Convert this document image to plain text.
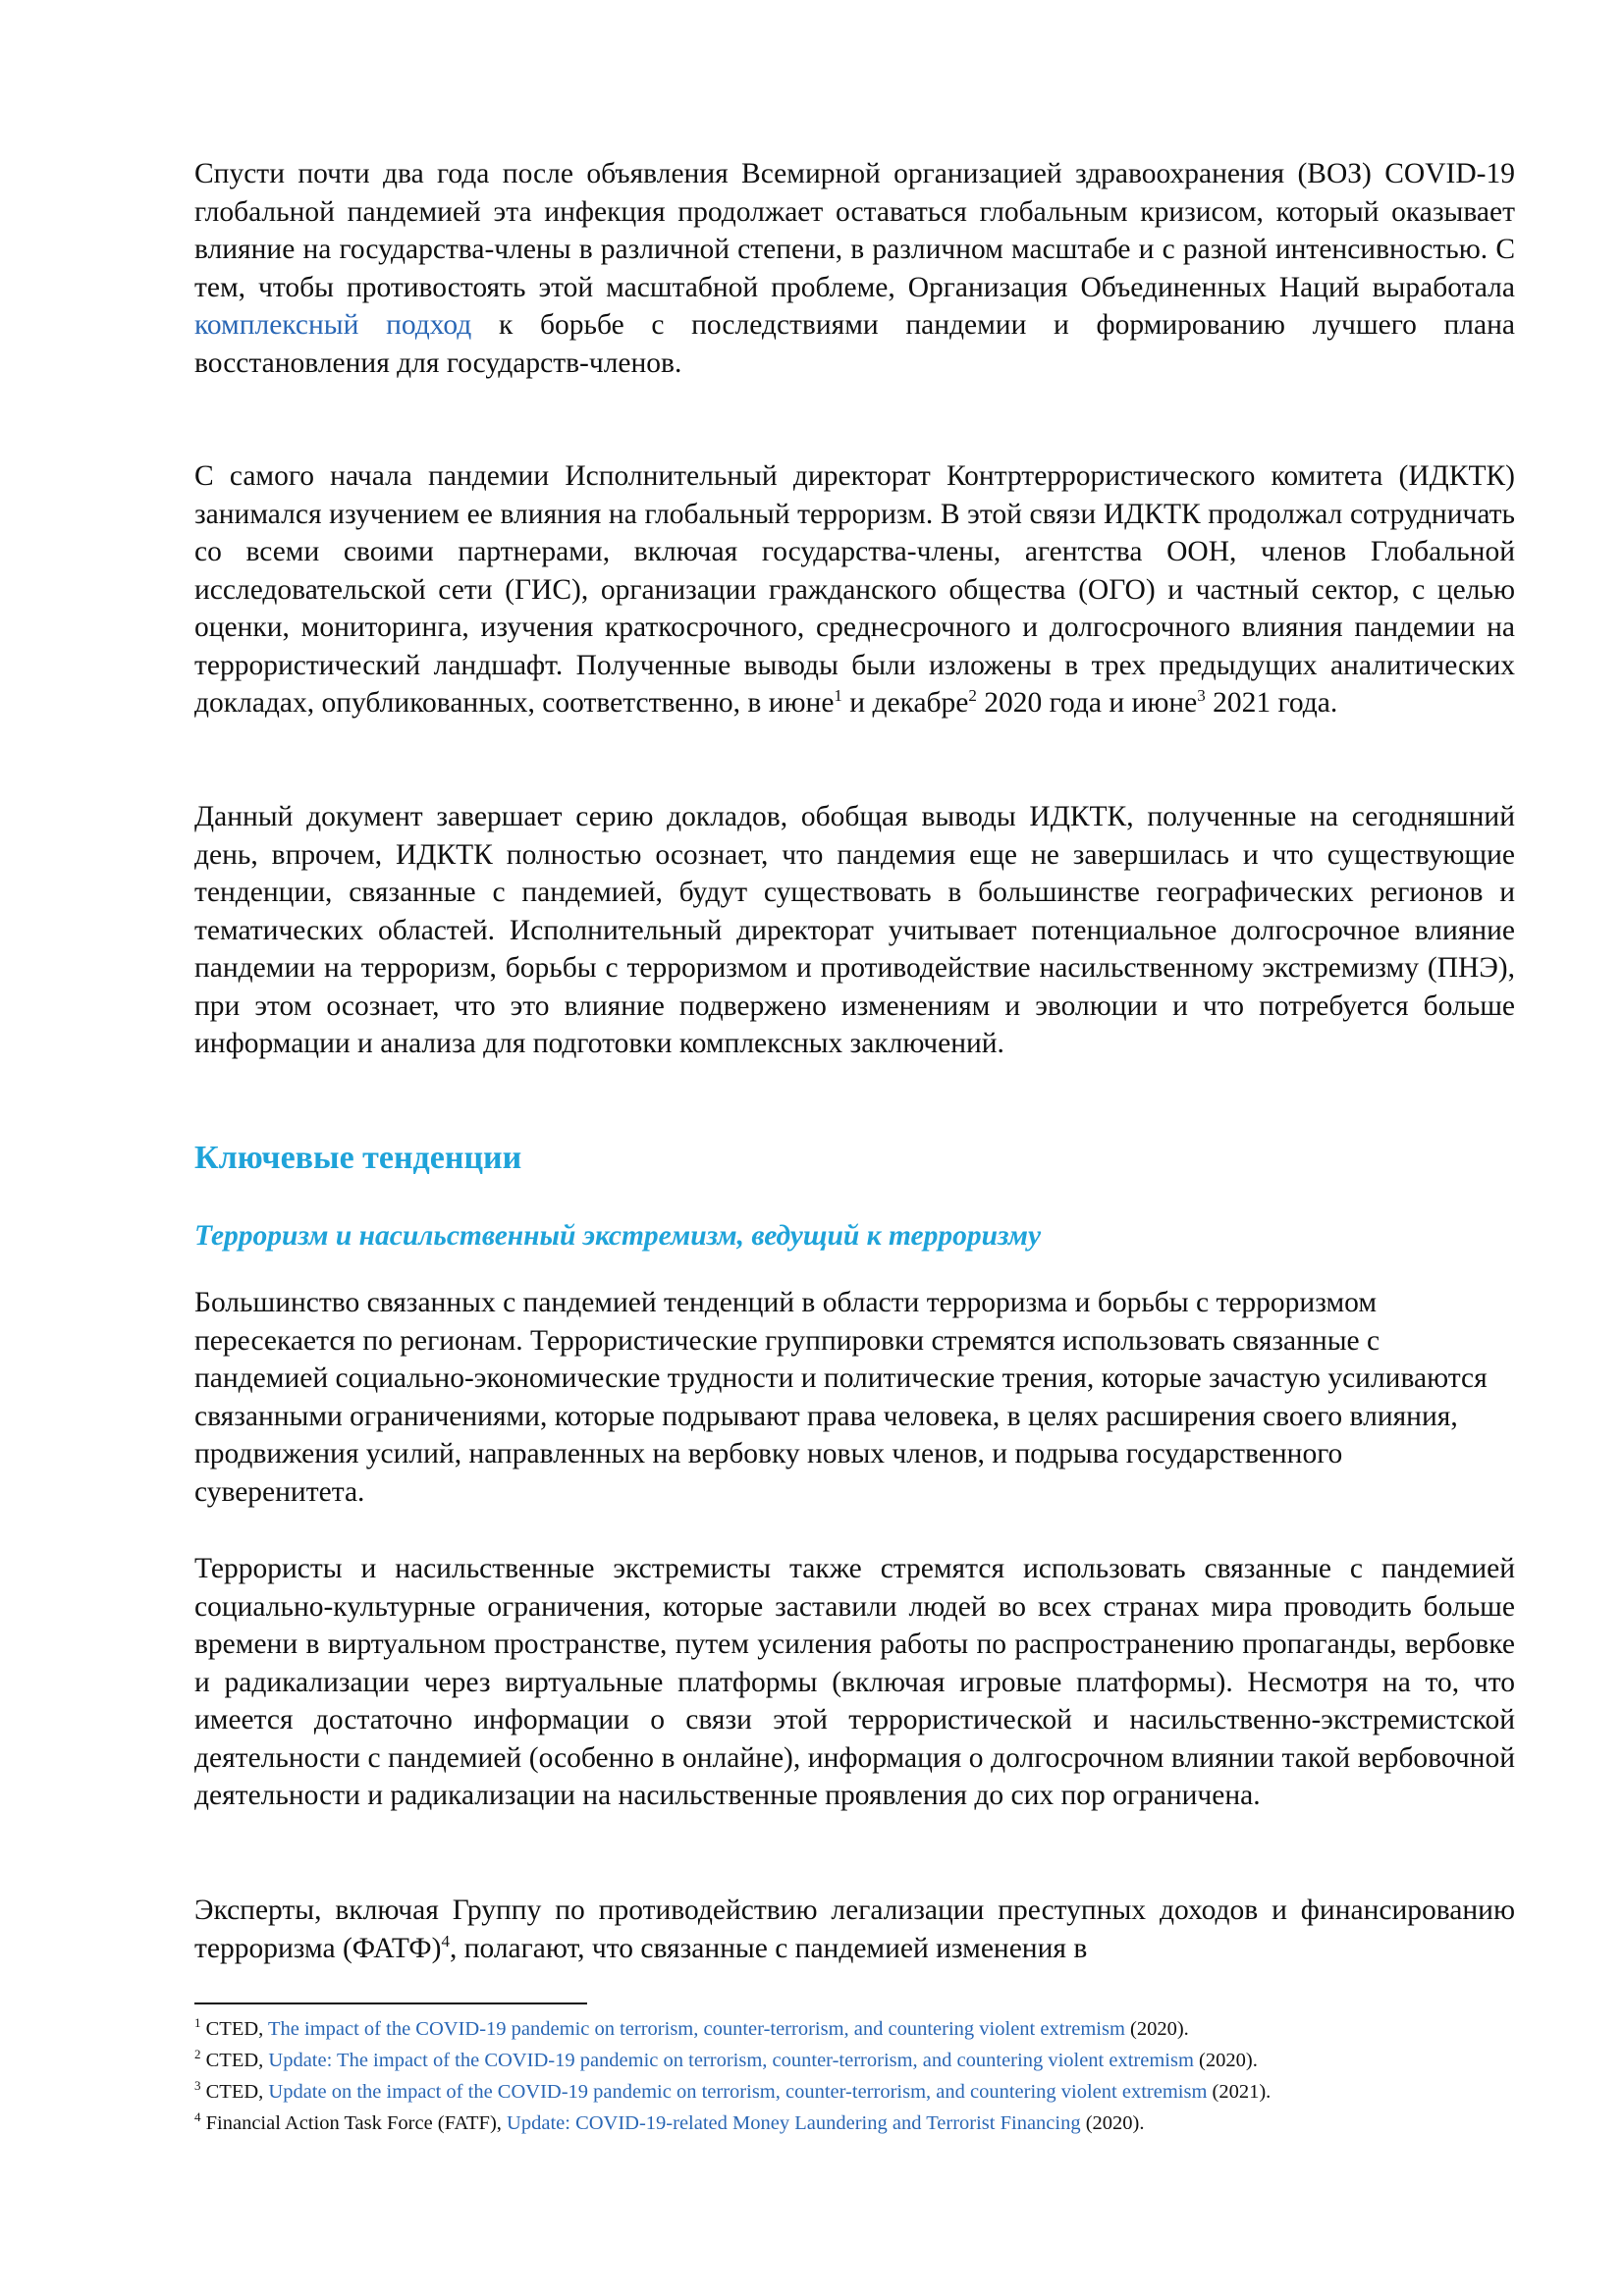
Спусти почти два года после объявления Всемирной организацией здравоохранения (ВОЗ) COVID-19 глобальной пандемией эта инфекция продолжает оставаться глобальным кризисом, который оказывает влияние на государства-члены в различной степени, в различном масштабе и с разной интенсивностью. С тем, чтобы противостоять этой масштабной проблеме, Организация Объединенных Наций выработала комплексный подход к борьбе с последствиями пандемии и формированию лучшего плана восстановления для государств-членов.

С самого начала пандемии Исполнительный директорат Контртеррористического комитета (ИДКТК) занимался изучением ее влияния на глобальный терроризм. В этой связи ИДКТК продолжал сотрудничать со всеми своими партнерами, включая государства-члены, агентства ООН, членов Глобальной исследовательской сети (ГИС), организации гражданского общества (ОГО) и частный сектор, с целью оценки, мониторинга, изучения краткосрочного, среднесрочного и долгосрочного влияния пандемии на террористический ландшафт. Полученные выводы были изложены в трех предыдущих аналитических докладах, опубликованных, соответственно, в июне$^1$ и декабре$^2$ 2020 года и июне$^3$ 2021 года.

Данный документ завершает серию докладов, обобщая выводы ИДКТК, полученные на сегодняшний день, впрочем, ИДКТК полностью осознает, что пандемия еще не завершилась и что существующие тенденции, связанные с пандемией, будут существовать в большинстве географических регионов и тематических областей. Исполнительный директорат учитывает потенциальное долгосрочное влияние пандемии на терроризм, борьбы с терроризмом и противодействие насильственному экстремизму (ПНЭ), при этом осознает, что это влияние подвержено изменениям и эволюции и что потребуется больше информации и анализа для подготовки комплексных заключений.

Ключевые тенденции
Терроризм и насильственный экстремизм, ведущий к терроризму

Большинство связанных с пандемией тенденций в области терроризма и борьбы с терроризмом пересекается по регионам. Террористические группировки стремятся использовать связанные с пандемией социально-экономические трудности и политические трения, которые зачастую усиливаются связанными ограничениями, которые подрывают права человека, в целях расширения своего влияния, продвижения усилий, направленных на вербовку новых членов, и подрыва государственного суверенитета.

Террористы и насильственные экстремисты также стремятся использовать связанные с пандемией социально-культурные ограничения, которые заставили людей во всех странах мира проводить больше времени в виртуальном пространстве, путем усиления работы по распространению пропаганды, вербовке и радикализации через виртуальные платформы (включая игровые платформы). Несмотря на то, что имеется достаточно информации о связи этой террористической и насильственно-экстремистской деятельности с пандемией (особенно в онлайне), информация о долгосрочном влиянии такой вербовочной деятельности и радикализации на насильственные проявления до сих пор ограничена.

Эксперты, включая Группу по противодействию легализации преступных доходов и финансированию терроризма (ФАТФ)$^4$, полагают, что связанные с пандемией изменения в

$^1$ CTED, The impact of the COVID-19 pandemic on terrorism, counter-terrorism, and countering violent extremism (2020).

$^2$ CTED, Update: The impact of the COVID-19 pandemic on terrorism, counter-terrorism, and countering violent extremism (2020).

$^3$ CTED, Update on the impact of the COVID-19 pandemic on terrorism, counter-terrorism, and countering violent extremism (2021).

$^4$ Financial Action Task Force (FATF), Update: COVID-19-related Money Laundering and Terrorist Financing (2020).
